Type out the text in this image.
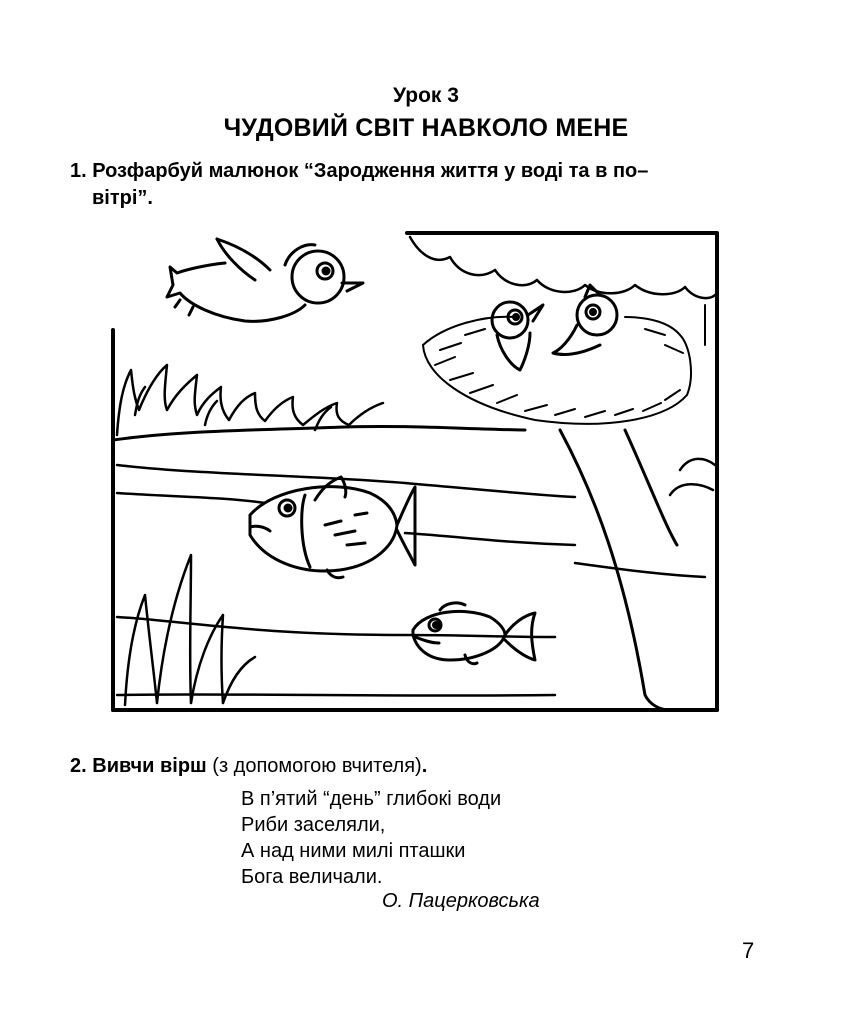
Урок 3
ЧУДОВИЙ СВІТ НАВКОЛО МЕНЕ
1. Розфарбуй малюнок “Зародження життя у воді та в по–
вітрі”.
2. Вивчи вірш (з допомогою вчителя).
В п’ятий “день” глибокі води
Риби заселяли,
А над ними милі пташки
Бога величали.
О. Пацерковська
7
